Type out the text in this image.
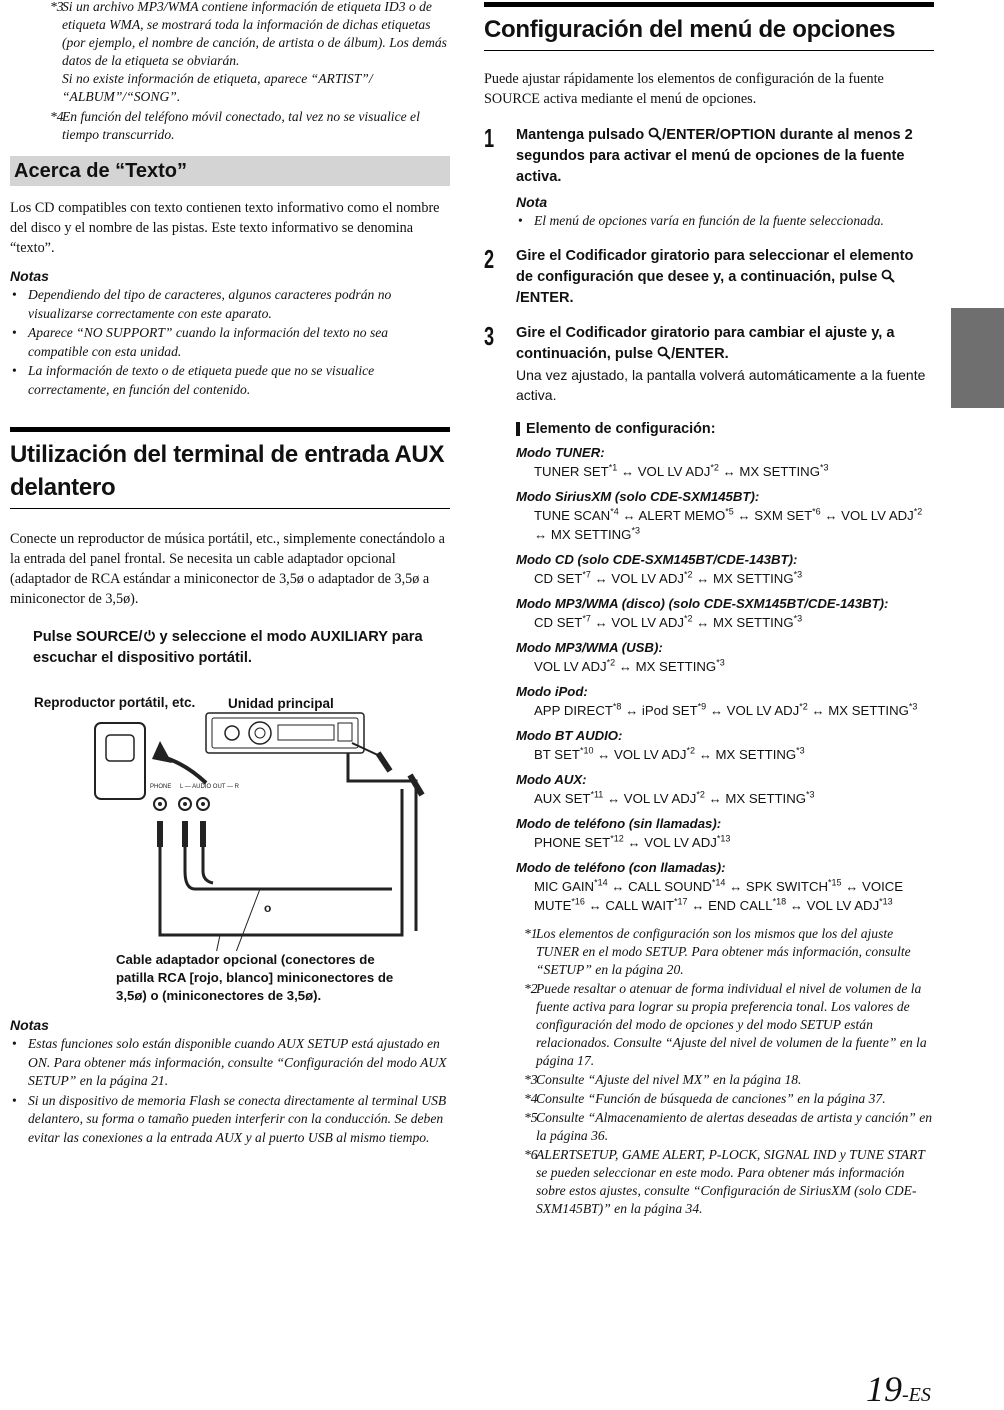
*3
Si un archivo MP3/WMA contiene información de etiqueta ID3 o de etiqueta WMA, se mostrará toda la información de dichas etiquetas (por ejemplo, el nombre de canción, de artista o de álbum). Los demás datos de la etiqueta se obviarán.
Si no existe información de etiqueta, aparece “ARTIST”/ “ALBUM”/“SONG”.
*4
En función del teléfono móvil conectado, tal vez no se visualice el tiempo transcurrido.
Acerca de “Texto”
Los CD compatibles con texto contienen texto informativo como el nombre del disco y el nombre de las pistas. Este texto informativo se denomina “texto”.
Notas
• Dependiendo del tipo de caracteres, algunos caracteres podrán no visualizarse correctamente con este aparato.
• Aparece “NO SUPPORT” cuando la información del texto no sea compatible con esta unidad.
• La información de texto o de etiqueta puede que no se visualice correctamente, en función del contenido.
Utilización del terminal de entrada AUX delantero
Conecte un reproductor de música portátil, etc., simplemente conectándolo a la entrada del panel frontal. Se necesita un cable adaptador opcional (adaptador de RCA estándar a miniconector de 3,5ø o adaptador de 3,5ø a miniconector de 3,5ø).
Pulse SOURCE/ y seleccione el modo AUXILIARY para escuchar el dispositivo portátil.
Reproductor portátil, etc. Unidad principal
PHONE L — AUDIO OUT — R
o
Cable adaptador opcional (conectores de patilla RCA [rojo, blanco] miniconectores de 3,5ø) o (miniconectores de 3,5ø).
Notas
• Estas funciones solo están disponible cuando AUX SETUP está ajustado en ON. Para obtener más información, consulte “Configuración del modo AUX SETUP” en la página 21.
• Si un dispositivo de memoria Flash se conecta directamente al terminal USB delantero, su forma o tamaño pueden interferir con la conducción. Se deben evitar las conexiones a la entrada AUX y al puerto USB al mismo tiempo.
Configuración del menú de opciones
Puede ajustar rápidamente los elementos de configuración de la fuente SOURCE activa mediante el menú de opciones.
1	Mantenga pulsado /ENTER/OPTION durante al menos 2 segundos para activar el menú de opciones de la fuente activa.
Nota
• El menú de opciones varía en función de la fuente seleccionada.
2	Gire el Codificador giratorio para seleccionar el elemento de configuración que desee y, a continuación, pulse /ENTER.
3	Gire el Codificador giratorio para cambiar el ajuste y, a continuación, pulse /ENTER.
Una vez ajustado, la pantalla volverá automáticamente a la fuente activa.
Elemento de configuración:
Modo TUNER:
TUNER SET$^{*1}$ ↔ VOL LV ADJ$^{*2}$ ↔ MX SETTING$^{*3}$
Modo SiriusXM (solo CDE-SXM145BT):
TUNE SCAN$^{*4}$ ↔ ALERT MEMO$^{*5}$ ↔ SXM SET$^{*6}$ ↔ VOL LV ADJ$^{*2}$ ↔ MX SETTING$^{*3}$
Modo CD (solo CDE-SXM145BT/CDE-143BT):
CD SET$^{*7}$ ↔ VOL LV ADJ$^{*2}$ ↔ MX SETTING$^{*3}$
Modo MP3/WMA (disco) (solo CDE-SXM145BT/CDE-143BT):
CD SET$^{*7}$ ↔ VOL LV ADJ$^{*2}$ ↔ MX SETTING$^{*3}$
Modo MP3/WMA (USB):
VOL LV ADJ$^{*2}$ ↔ MX SETTING$^{*3}$
Modo iPod:
APP DIRECT$^{*8}$ ↔ iPod SET$^{*9}$ ↔ VOL LV ADJ$^{*2}$ ↔ MX SETTING$^{*3}$
Modo BT AUDIO:
BT SET$^{*10}$ ↔ VOL LV ADJ$^{*2}$ ↔ MX SETTING$^{*3}$
Modo AUX:
AUX SET$^{*11}$ ↔ VOL LV ADJ$^{*2}$ ↔ MX SETTING$^{*3}$
Modo de teléfono (sin llamadas):
PHONE SET$^{*12}$ ↔ VOL LV ADJ$^{*13}$
Modo de teléfono (con llamadas):
MIC GAIN$^{*14}$ ↔ CALL SOUND$^{*14}$ ↔ SPK SWITCH$^{*15}$ ↔ VOICE MUTE$^{*16}$ ↔ CALL WAIT$^{*17}$ ↔ END CALL$^{*18}$ ↔ VOL LV ADJ$^{*13}$
*1
Los elementos de configuración son los mismos que los del ajuste TUNER en el modo SETUP. Para obtener más información, consulte “SETUP” en la página 20.
*2
Puede resaltar o atenuar de forma individual el nivel de volumen de la fuente activa para lograr su propia preferencia tonal. Los valores de configuración del modo de opciones y del modo SETUP están relacionados. Consulte “Ajuste del nivel de volumen de la fuente” en la página 17.
*3
Consulte “Ajuste del nivel MX” en la página 18.
*4
Consulte “Función de búsqueda de canciones” en la página 37.
*5
Consulte “Almacenamiento de alertas deseadas de artista y canción” en la página 36.
*6
ALERTSETUP, GAME ALERT, P-LOCK, SIGNAL IND y TUNE START se pueden seleccionar en este modo. Para obtener más información sobre estos ajustes, consulte “Configuración de SiriusXM (solo CDE-SXM145BT)” en la página 34.
19-ES
